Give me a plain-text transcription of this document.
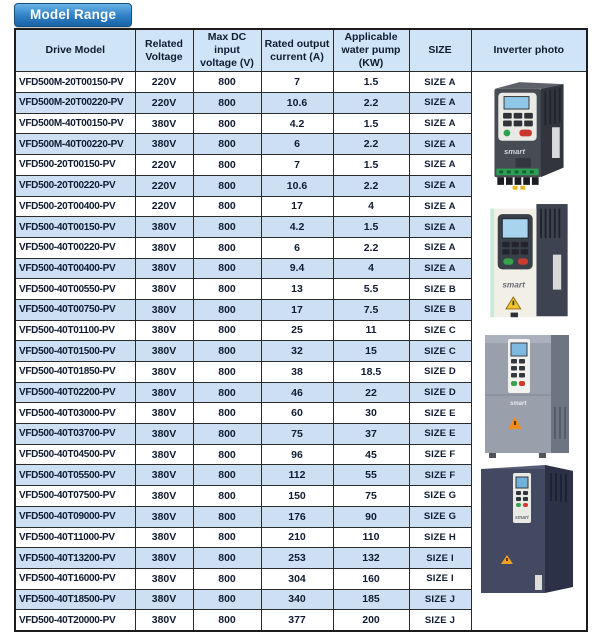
Model Range
Drive Model	Related Voltage	Max DC input voltage (V)	Rated output current (A)	Applicable water pump (KW)	SIZE	Inverter photo
VFD500M-20T00150-PV	220V	800	7	1.5	SIZE A	smart
smart
smart
smart

VFD500M-20T00220-PV	220V	800	10.6	2.2	SIZE A	
VFD500M-40T00150-PV	380V	800	4.2	1.5	SIZE A	
VFD500M-40T00220-PV	380V	800	6	2.2	SIZE A	
VFD500-20T00150-PV	220V	800	7	1.5	SIZE A	
VFD500-20T00220-PV	220V	800	10.6	2.2	SIZE A	
VFD500-20T00400-PV	220V	800	17	4	SIZE A	
VFD500-40T00150-PV	380V	800	4.2	1.5	SIZE A	
VFD500-40T00220-PV	380V	800	6	2.2	SIZE A	
VFD500-40T00400-PV	380V	800	9.4	4	SIZE A	
VFD500-40T00550-PV	380V	800	13	5.5	SIZE B	
VFD500-40T00750-PV	380V	800	17	7.5	SIZE B	
VFD500-40T01100-PV	380V	800	25	11	SIZE C	
VFD500-40T01500-PV	380V	800	32	15	SIZE C	
VFD500-40T01850-PV	380V	800	38	18.5	SIZE D	
VFD500-40T02200-PV	380V	800	46	22	SIZE D	
VFD500-40T03000-PV	380V	800	60	30	SIZE E	
VFD500-40T03700-PV	380V	800	75	37	SIZE E	
VFD500-40T04500-PV	380V	800	96	45	SIZE F	
VFD500-40T05500-PV	380V	800	112	55	SIZE F	
VFD500-40T07500-PV	380V	800	150	75	SIZE G	
VFD500-40T09000-PV	380V	800	176	90	SIZE G	
VFD500-40T11000-PV	380V	800	210	110	SIZE H	
VFD500-40T13200-PV	380V	800	253	132	SIZE I	
VFD500-40T16000-PV	380V	800	304	160	SIZE I	
VFD500-40T18500-PV	380V	800	340	185	SIZE J	
VFD500-40T20000-PV	380V	800	377	200	SIZE J	
